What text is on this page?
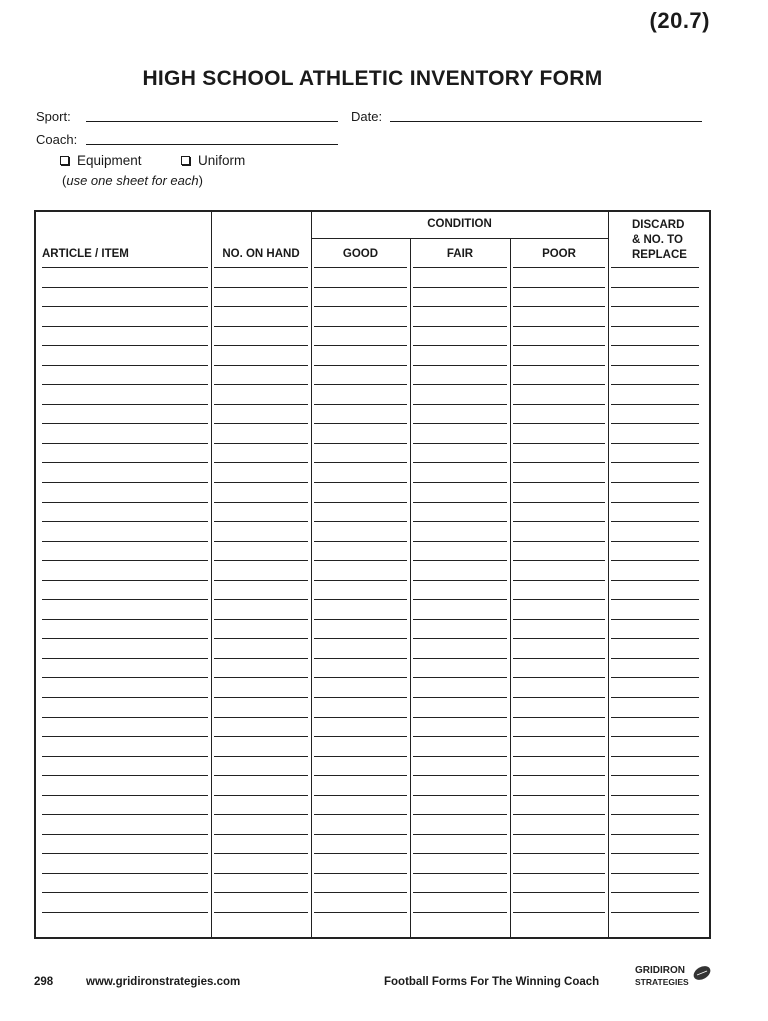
(20.7)
HIGH SCHOOL ATHLETIC INVENTORY FORM
Sport:	Date:
Coach:
Equipment	Uniform
(use one sheet for each)
ARTICLE / ITEM	NO. ON HAND
CONDITION
GOOD	FAIR	POOR
DISCARD
& NO. TO
REPLACE
298	www.gridironstrategies.com	Football Forms For The Winning Coach
GRIDIRON
STRATEGIES
